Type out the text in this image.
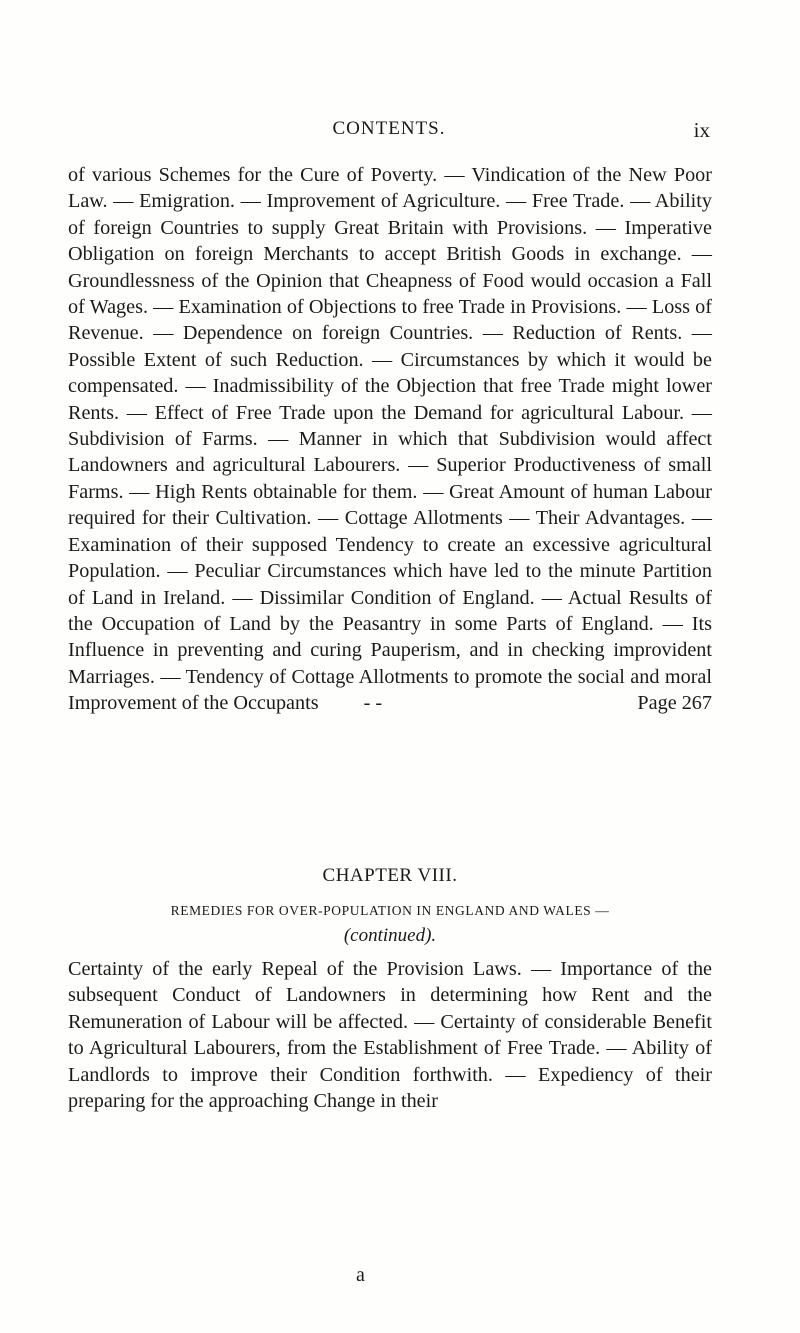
CONTENTS.	ix
of various Schemes for the Cure of Poverty. — Vindication of the New Poor Law. — Emigration. — Improvement of Agriculture. — Free Trade. — Ability of foreign Countries to supply Great Britain with Provisions. — Imperative Obligation on foreign Merchants to accept British Goods in exchange. — Groundlessness of the Opinion that Cheapness of Food would occasion a Fall of Wages. — Examination of Objections to free Trade in Provisions. — Loss of Revenue. — Dependence on foreign Countries. — Reduction of Rents. — Possible Extent of such Reduction. — Circumstances by which it would be compensated. — Inadmissibility of the Objection that free Trade might lower Rents. — Effect of Free Trade upon the Demand for agricultural Labour. — Subdivision of Farms. — Manner in which that Subdivision would affect Landowners and agricultural Labourers. — Superior Productiveness of small Farms. — High Rents obtainable for them. — Great Amount of human Labour required for their Cultivation. — Cottage Allotments — Their Advantages. — Examination of their supposed Tendency to create an excessive agricultural Population. — Peculiar Circumstances which have led to the minute Partition of Land in Ireland. — Dissimilar Condition of England. — Actual Results of the Occupation of Land by the Peasantry in some Parts of England. — Its Influence in preventing and curing Pauperism, and in checking improvident Marriages. — Tendency of Cottage Allotments to promote the social and moral Improvement of the Occupants - -	Page 267
CHAPTER VIII.
REMEDIES FOR OVER-POPULATION IN ENGLAND AND WALES —
(continued).
Certainty of the early Repeal of the Provision Laws. — Importance of the subsequent Conduct of Landowners in determining how Rent and the Remuneration of Labour will be affected. — Certainty of considerable Benefit to Agricultural Labourers, from the Establishment of Free Trade. — Ability of Landlords to improve their Condition forthwith. — Expediency of their preparing for the approaching Change in their
a
